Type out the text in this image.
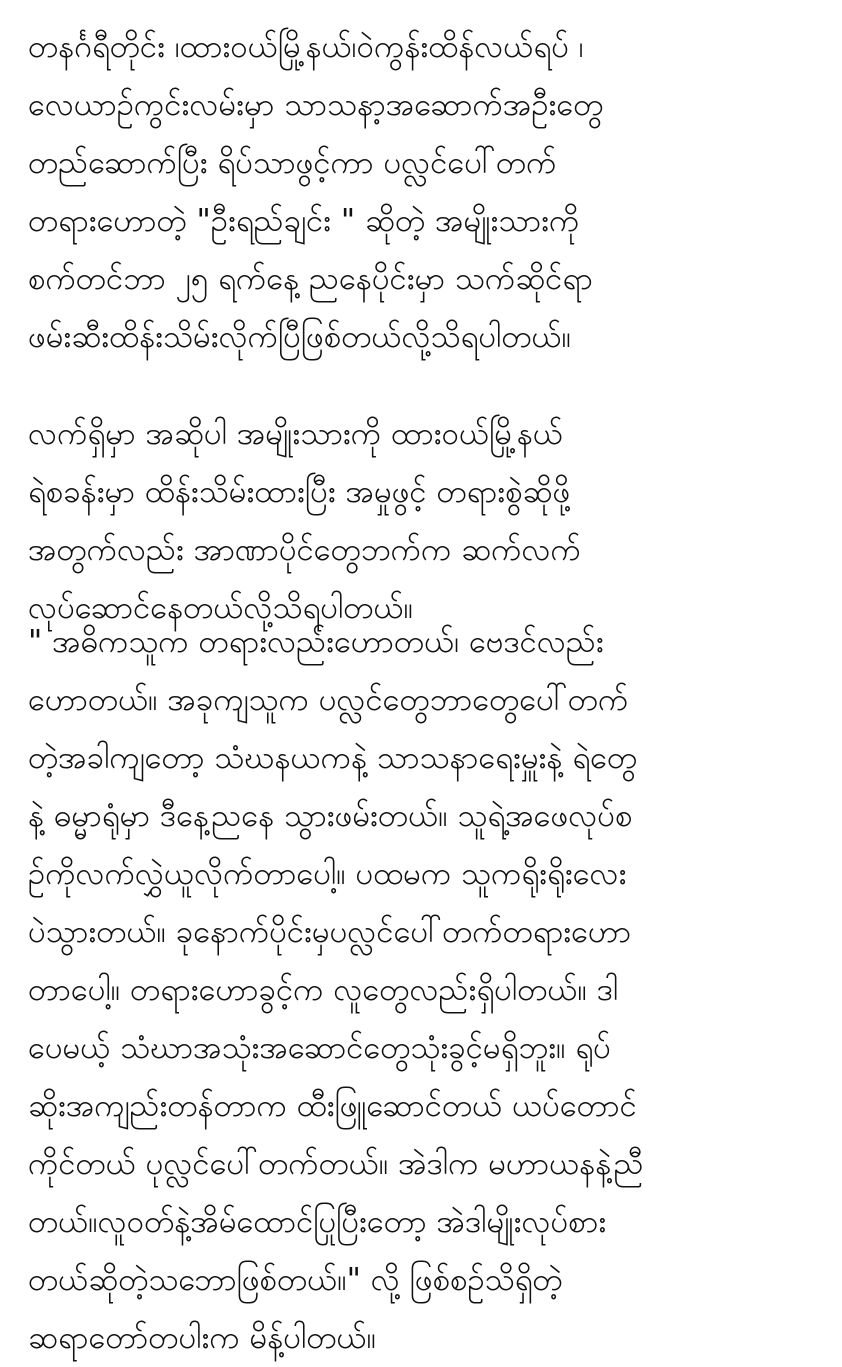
တနင်္ဂရီတိုင်း ၊ထားဝယ်မြို့နယ်၊ဝဲကွန်းထိန်လယ်ရပ် ၊
လေယာဉ်ကွင်းလမ်းမှာ သာသနာ့အဆောက်အဦးတွေ
တည်ဆောက်ပြီး ရိပ်သာဖွင့်ကာ ပလ္လင်ပေါ်တက်
တရားဟောတဲ့ "ဦးရည်ချင်း " ဆိုတဲ့ အမျိုးသားကို
စက်တင်ဘာ ၂၅ ရက်နေ့ ညနေပိုင်းမှာ သက်ဆိုင်ရာ
ဖမ်းဆီးထိန်းသိမ်းလိုက်ပြီဖြစ်တယ်လို့သိရပါတယ်။
လက်ရှိမှာ အဆိုပါ အမျိုးသားကို ထားဝယ်မြို့နယ်
ရဲစခန်းမှာ ထိန်းသိမ်းထားပြီး အမှုဖွင့် တရားစွဲဆိုဖို့
အတွက်လည်း အာဏာပိုင်တွေဘက်က ဆက်လက်
လုပ်ဆောင်နေတယ်လို့သိရပါတယ်။
" အဓိကသူက တရားလည်းဟောတယ်၊ ဗေဒင်လည်း
ဟောတယ်။ အခုကျသူက ပလ္လင်တွေဘာတွေပေါ်တက်
တဲ့အခါကျတော့ သံဃနယကနဲ့ သာသနာရေးမှူးနဲ့ ရဲတွေ
နဲ့ ဓမ္မာရုံမှာ ဒီနေ့ညနေ သွားဖမ်းတယ်။ သူရဲ့အဖေလုပ်စ
ဥ်ကိုလက်လွှဲယူလိုက်တာပေါ့။ ပထမက သူကရိုးရိုးလေး
ပဲသွားတယ်။ ခုနောက်ပိုင်းမှပလ္လင်ပေါ်တက်တရားဟော
တာပေါ့။ တရားဟောခွင့်က လူတွေလည်းရှိပါတယ်။ ဒါ
ပေမယ့် သံဃာအသုံးအဆောင်တွေသုံးခွင့်မရှိဘူး။ ရုပ်
ဆိုးအကျည်းတန်တာက ထီးဖြူဆောင်တယ် ယပ်တောင်
ကိုင်တယ် ပုလ္လင်ပေါ်တက်တယ်။ အဲဒါက မဟာယနနဲ့ညီ
တယ်။လူဝတ်နဲ့အိမ်ထောင်ပြုပြီးတော့ အဲဒါမျိုးလုပ်စား
တယ်ဆိုတဲ့သဘောဖြစ်တယ်။" လို့ ဖြစ်စဥ်သိရှိတဲ့
ဆရာတော်တပါးက မိန့်ပါတယ်။
